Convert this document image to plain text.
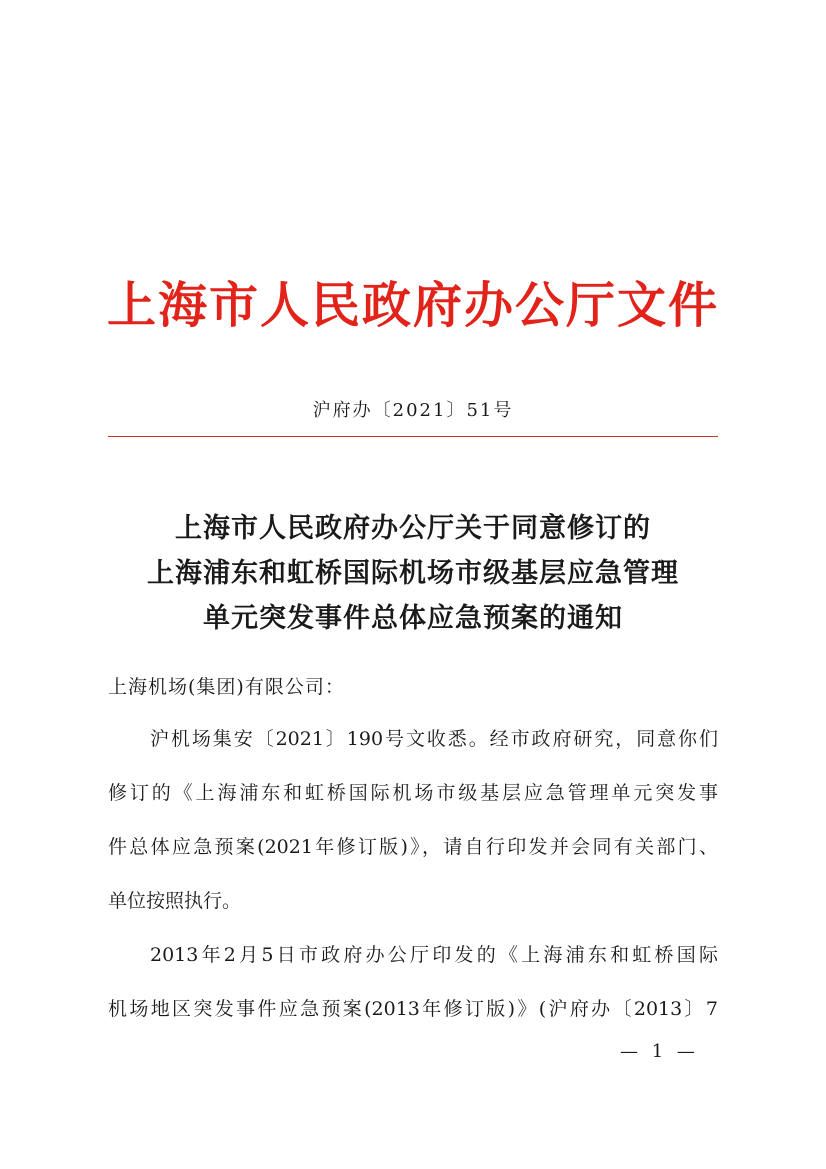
上海市人民政府办公厅文件
沪府办〔2021〕51号
上海市人民政府办公厅关于同意修订的
上海浦东和虹桥国际机场市级基层应急管理
单元突发事件总体应急预案的通知
上海机场(集团)有限公司：
沪机场集安〔2021〕190号文收悉。经市政府研究，同意你们
修订的《上海浦东和虹桥国际机场市级基层应急管理单元突发事
件总体应急预案(2021年修订版)》，请自行印发并会同有关部门、
单位按照执行。
2013年2月5日市政府办公厅印发的《上海浦东和虹桥国际
机场地区突发事件应急预案(2013年修订版)》(沪府办〔2013〕7
— 1 —
